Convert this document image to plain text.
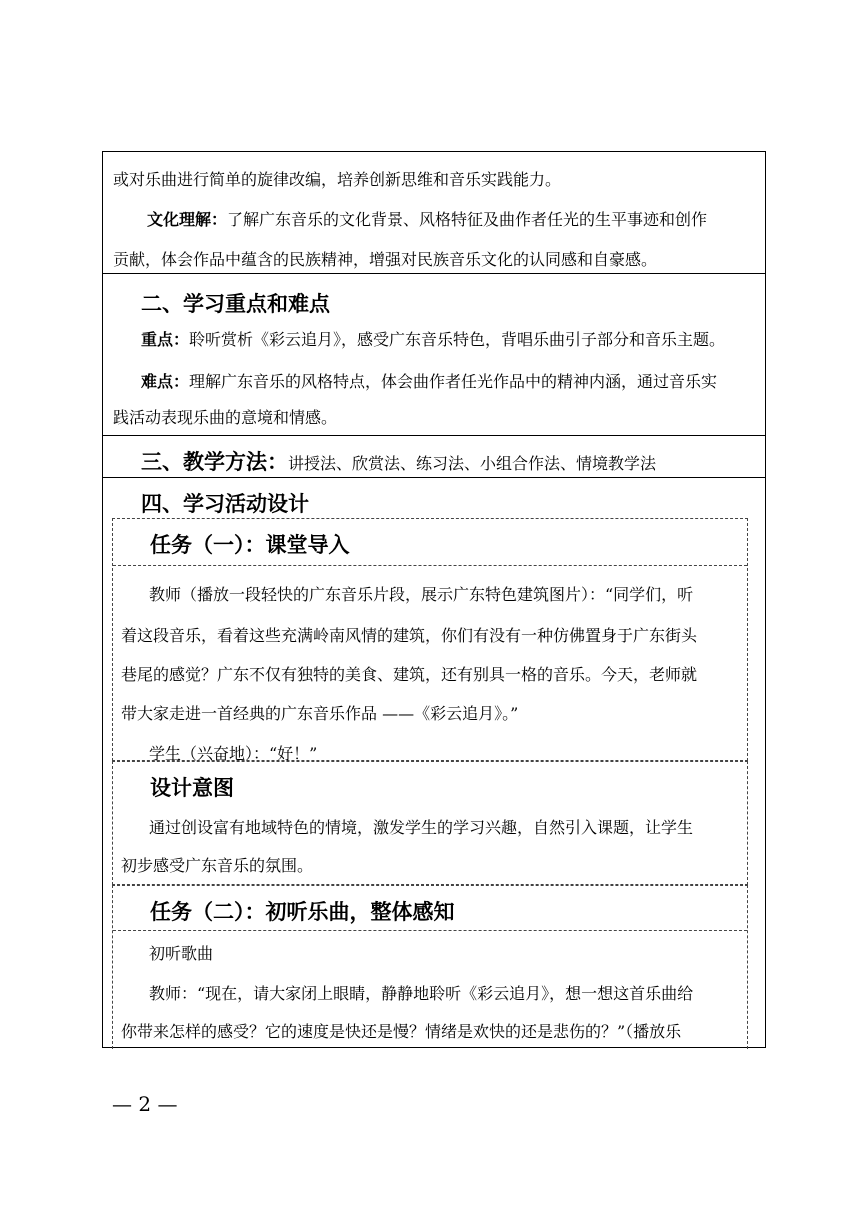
或对乐曲进行简单的旋律改编，培养创新思维和音乐实践能力。
文化理解：了解广东音乐的文化背景、风格特征及曲作者任光的生平事迹和创作
贡献，体会作品中蕴含的民族精神，增强对民族音乐文化的认同感和自豪感。
二、学习重点和难点
重点：聆听赏析《彩云追月》，感受广东音乐特色，背唱乐曲引子部分和音乐主题。
难点：理解广东音乐的风格特点，体会曲作者任光作品中的精神内涵，通过音乐实
践活动表现乐曲的意境和情感。
三、教学方法：讲授法、欣赏法、练习法、小组合作法、情境教学法
四、学习活动设计
任务（一）：课堂导入
教师（播放一段轻快的广东音乐片段，展示广东特色建筑图片）：“同学们，听
着这段音乐，看着这些充满岭南风情的建筑，你们有没有一种仿佛置身于广东街头
巷尾的感觉？广东不仅有独特的美食、建筑，还有别具一格的音乐。今天，老师就
带大家走进一首经典的广东音乐作品 ——《彩云追月》。”
学生（兴奋地）：“好！”
设计意图
通过创设富有地域特色的情境，激发学生的学习兴趣，自然引入课题，让学生
初步感受广东音乐的氛围。
任务（二）：初听乐曲，整体感知
初听歌曲
教师：“现在，请大家闭上眼睛，静静地聆听《彩云追月》，想一想这首乐曲给
你带来怎样的感受？它的速度是快还是慢？情绪是欢快的还是悲伤的？”（播放乐
— 2 —
